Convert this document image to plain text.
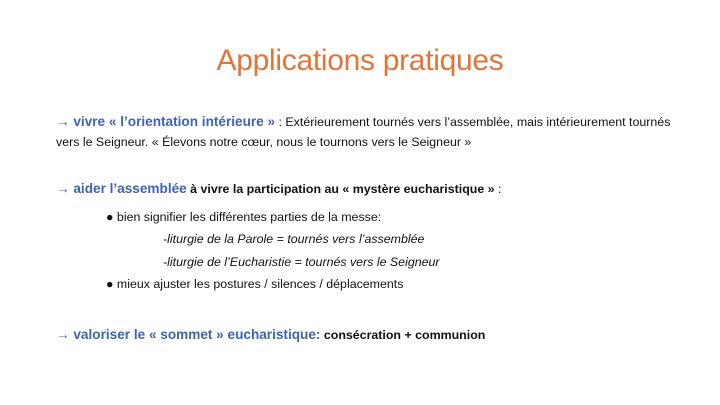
Applications pratiques
→ vivre « l’orientation intérieure » : Extérieurement tournés vers l’assemblée, mais intérieurement tournés vers le Seigneur. « Élevons notre cœur, nous le tournons vers le Seigneur »
→ aider l’assemblée à vivre la participation au « mystère eucharistique » :
● bien signifier les différentes parties de la messe:
-liturgie de la Parole = tournés vers l’assemblée
-liturgie de l’Eucharistie = tournés vers le Seigneur
● mieux ajuster les postures / silences / déplacements
→ valoriser le « sommet » eucharistique: consécration + communion
